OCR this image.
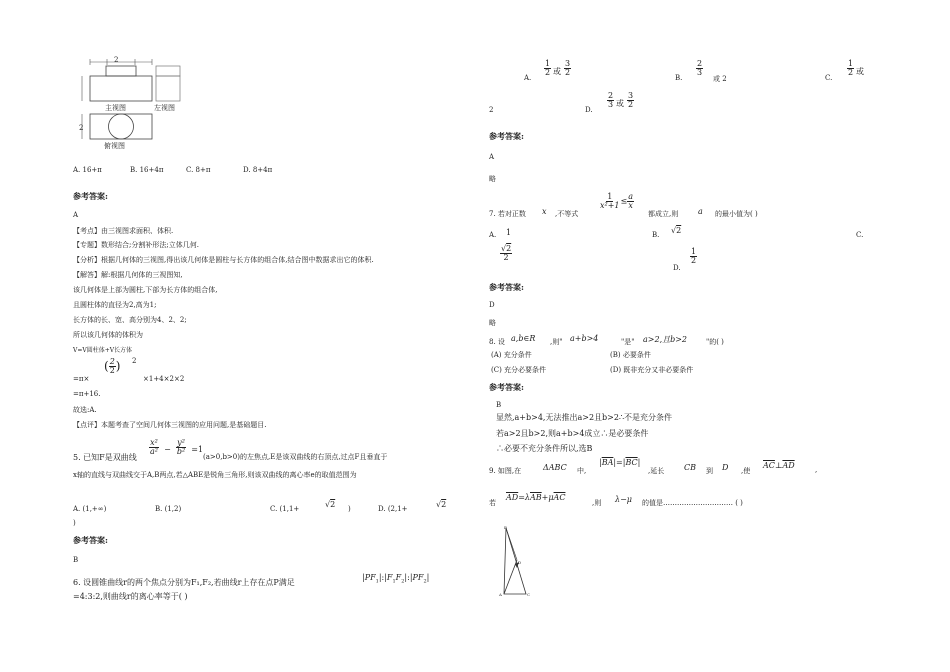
2
2
主视图	左视图
俯视图
A. 16+π	B. 16+4π	C. 8+π	D. 8+4π
参考答案:
A
【考点】由三视图求面积、体积.
【专题】数形结合;分割补形法;立体几何.
【分析】根据几何体的三视图,得出该几何体是圆柱与长方体的组合体,结合图中数据求出它的体积.
【解答】解:根据几何体的三视图知,
该几何体是上部为圆柱,下部为长方体的组合体,
且圆柱体的直径为2,高为1;
长方体的长、宽、高分别为4、2、2;
所以该几何体的体积为
V=V圆柱体+V长方体
=π×
( $\frac{2}{2}$ ) 2
×1+4×2×2
=π+16.
故选:A.
【点评】本题考查了空间几何体三视图的应用问题,是基础题目.
5. 已知F是双曲线
$\frac{\text{x²}}{\text{a²}} - \frac{\text{y²}}{\text{b²}} =1$
(a>0,b>0)的左焦点,E是该双曲线的右顶点,过点F且垂直于
x轴的直线与双曲线交于A,B两点,若△ABE是锐角三角形,则该双曲线的离心率e的取值范围为
A. (1,+∞)	B. (1,2)	C. (1,1+	√2 )	D. (2,1+	√2
)
参考答案:
B
6. 设圆锥曲线r的两个焦点分别为F₁,F₂,若曲线r上存在点P满足
$|PF_1|:|F_1F_2|:|PF_2|$
=4:3:2,则曲线r的离心率等于( )
A.
$\frac{1}{2}$ 或 $\frac{3}{2}$
B.
$\frac{2}{3}$
或 2	C.
$\frac{1}{2}$ 或
2	D.
$\frac{2}{3}$ 或 $\frac{3}{2}$
参考答案:
A
略
7. 若对正数 x ,不等式
$\frac{1}{\text{x²+1}} \le \frac{a}{x}$
都成立,则 a 的最小值为( )
A. 1	B. √2	C.
$\frac{√2}{2}$
D.
$\frac{1}{2}$
参考答案:
D
略
8. 设 a,b∈R ,则" a+b>4	"是" a>2,且b>2	"的( )
(A) 充分条件	(B) 必要条件
(C) 充分必要条件	(D) 既非充分又非必要条件
参考答案:
B
显然,a+b>4,无法推出a>2且b>2∴不是充分条件
若a>2且b>2,则a+b>4成立∴是必要条件
∴必要不充分条件所以,选B
9. 如图,在	ΔABC 中,
$|\overline{BA}|=|\overline{BC}|$
,延长 CB 到 D ,使
$\overline{AC}\perp\overline{AD}$	,
若
$\overline{AD}=\lambda\overline{AB}+\mu\overline{AC}$
,则 λ−μ 的值是………………………… ( )
B
D
A	C
